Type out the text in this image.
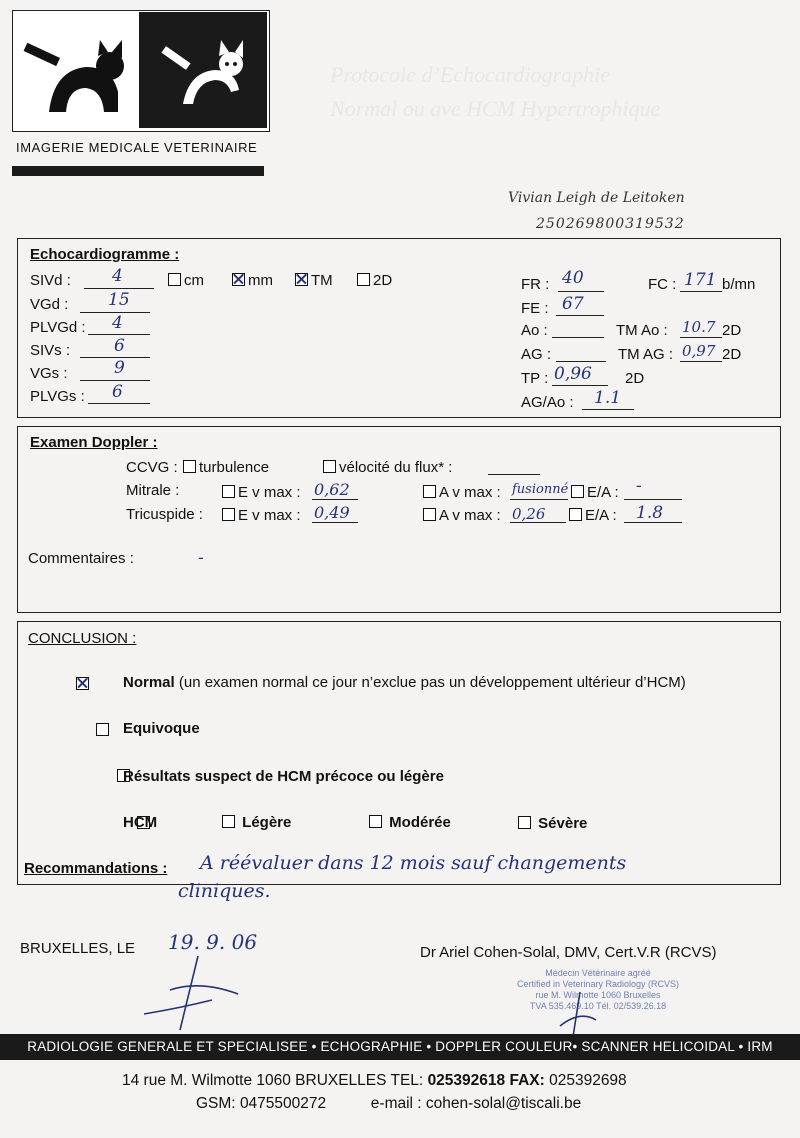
IMAGERIE MEDICALE VETERINAIRE
Protocole d’Echocardiographie
Normal ou ave HCM Hypertrophique
Vivian Leigh de Leitoken
250269800319532
Echocardiogramme :
SIVd : 4	cm	mm	TM	2D
VGd : 15
PLVGd : 4
SIVs :	6
VGs :	9
PLVGs : 6
FR : 40	FC : 171 b/mn
FE : 67
Ao :	TM Ao : 10.7 2D
AG :	TM AG : 0,97 2D
TP : 0,96 2D
AG/Ao : 1.1
Examen Doppler :
CCVG :	turbulence	vélocité du flux* :
Mitrale :	E v max : 0,62	A v max : fusionné	E/A : -
Tricuspide :	E v max : 0,49	A v max : 0,26	E/A : 1.8
Commentaires :	-
CONCLUSION :

Normal (un examen normal ce jour n’exclue pas un développement ultérieur d’HCM)

Equivoque

Résultats suspect de HCM précoce ou légère
HCM	Légère	Modérée	Sévère
Recommandations : A réévaluer dans 12 mois sauf changements
cliniques.
BRUXELLES, LE 19. 9. 06	Dr Ariel Cohen-Solal, DMV, Cert.V.R (RCVS)
Médecin Vétérinaire agréé
Certified in Veterinary Radiology (RCVS)
rue M. Wilmotte 1060 Bruxelles
TVA 535.469.10 Tél. 02/539.26.18
RADIOLOGIE GENERALE ET SPECIALISEE • ECHOGRAPHIE • DOPPLER COULEUR• SCANNER HELICOIDAL • IRM
14 rue M. Wilmotte 1060 BRUXELLES TEL: 025392618 FAX: 025392698
GSM: 0475500272	e-mail : cohen-solal@tiscali.be
